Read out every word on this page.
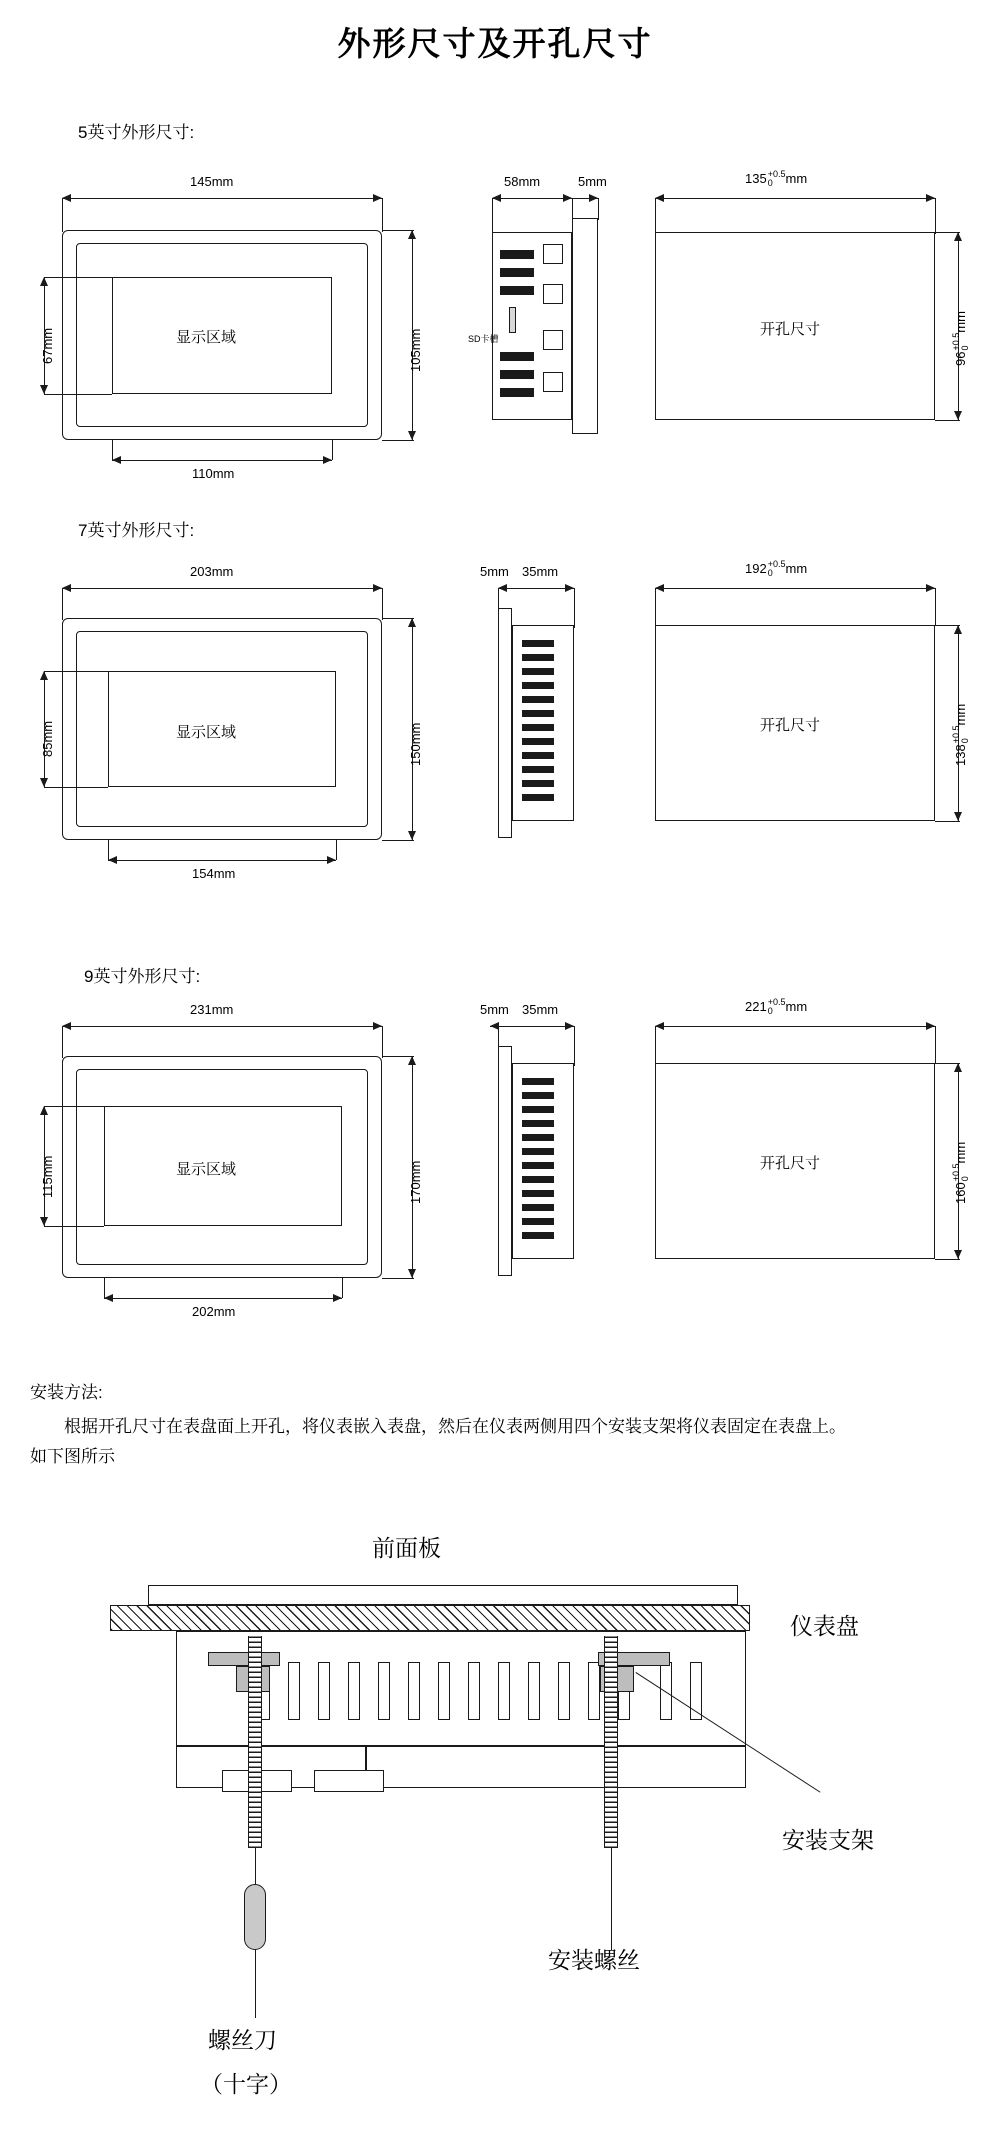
外形尺寸及开孔尺寸
5英寸外形尺寸:
显示区域
145mm
105mm
67mm
110mm
SD卡槽
58mm	5mm
开孔尺寸
135 +0.5
0 mm
96
+0.5 0
mm
7英寸外形尺寸:
显示区域
203mm
150mm
85mm
154mm
5mm 35mm
开孔尺寸
192 +0.5
0 mm
138
+0.5 0
mm
9英寸外形尺寸:
显示区域
231mm
170mm
115mm
202mm
5mm 35mm
开孔尺寸
221 +0.5
0 mm
160
+0.5 0
mm
安装方法:
根据开孔尺寸在表盘面上开孔，将仪表嵌入表盘，然后在仪表两侧用四个安装支架将仪表固定在表盘上。如下图所示
前面板
仪表盘
螺丝刀
（十字）
安装螺丝
安装支架
